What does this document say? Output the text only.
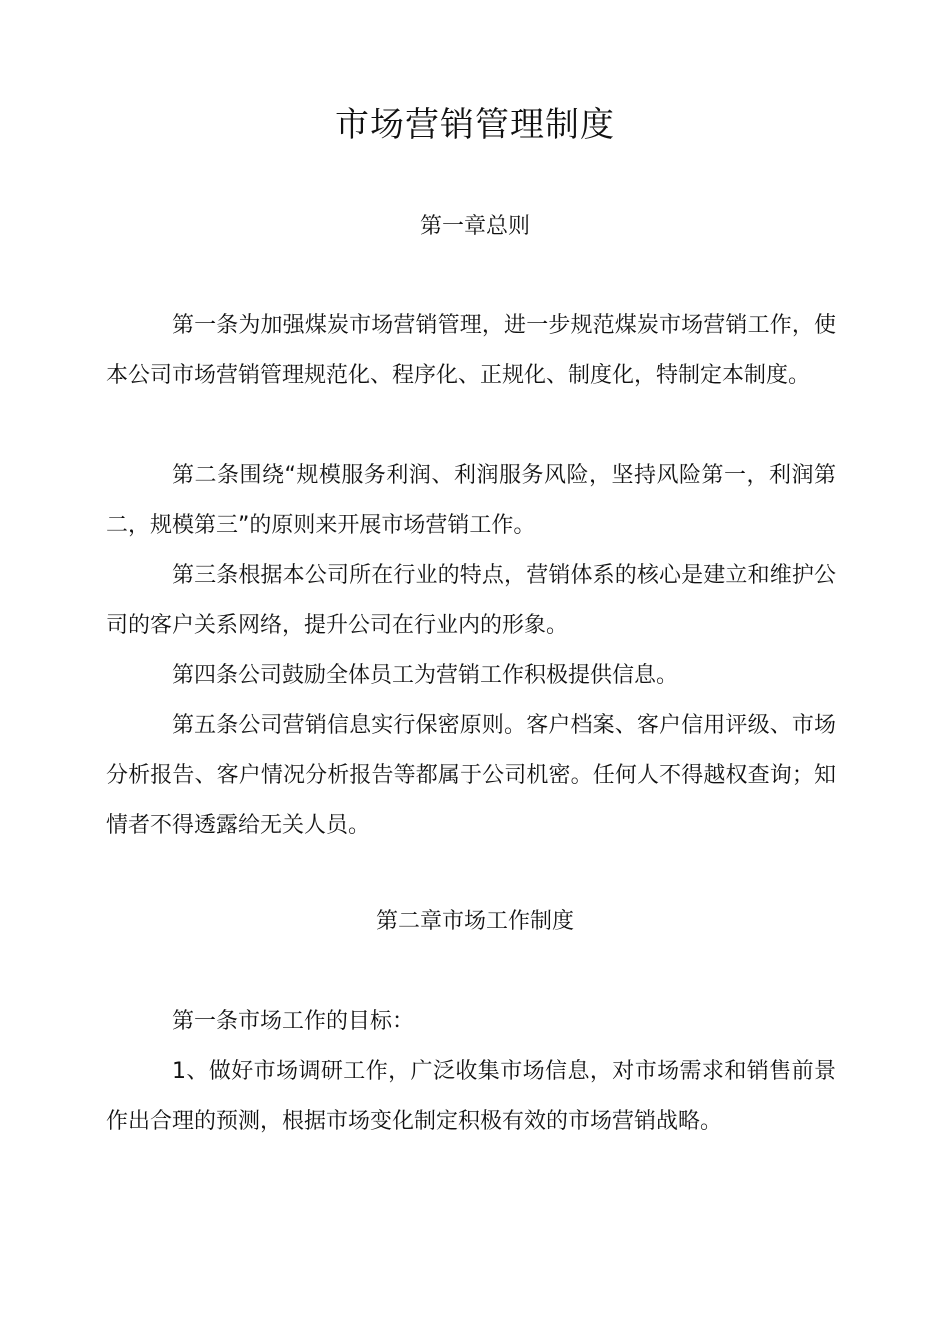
市场营销管理制度
第一章总则

第一条为加强煤炭市场营销管理，进一步规范煤炭市场营销工作，使本公司市场营销管理规范化、程序化、正规化、制度化，特制定本制度。

第二条围绕“规模服务利润、利润服务风险，坚持风险第一，利润第二，规模第三”的原则来开展市场营销工作。

第三条根据本公司所在行业的特点，营销体系的核心是建立和维护公司的客户关系网络，提升公司在行业内的形象。

第四条公司鼓励全体员工为营销工作积极提供信息。

第五条公司营销信息实行保密原则。客户档案、客户信用评级、市场分析报告、客户情况分析报告等都属于公司机密。任何人不得越权查询；知情者不得透露给无关人员。

第二章市场工作制度

第一条市场工作的目标：

1、做好市场调研工作，广泛收集市场信息，对市场需求和销售前景作出合理的预测，根据市场变化制定积极有效的市场营销战略。
